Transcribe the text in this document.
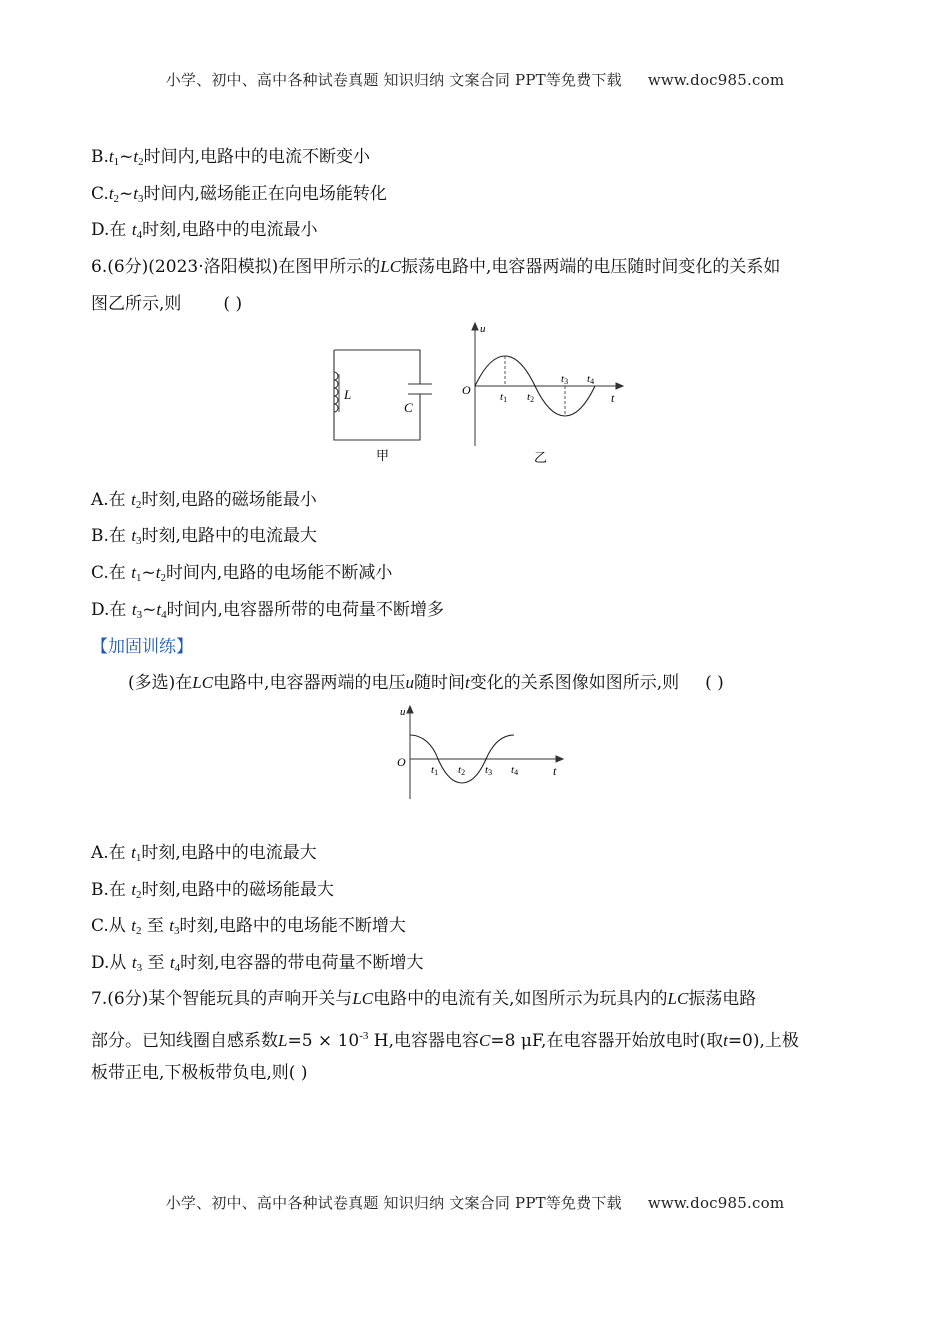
小学、初中、高中各种试卷真题 知识归纳 文案合同 PPT等免费下载 www.doc985.com
$B.t_1\sim t_2$时间内,电路中的电流不断变小
$C.t_2\sim t_3$时间内,磁场能正在向电场能转化
D.在 $t_4$时刻,电路中的电流最小
6.(6分)(2023·洛阳模拟)在图甲所示的LC振荡电路中,电容器两端的电压随时间变化的关系如
图乙所示,则 ( )
L
C
甲
u
O
t
t1 t2
t3 t4
乙
A.在 $t_2$时刻,电路的磁场能最小
B.在 $t_3$时刻,电路中的电流最大
C.在 $t_1\sim t_2$时间内,电路的电场能不断减小
D.在 $t_3\sim t_4$时间内,电容器所带的电荷量不断增多
【加固训练】
(多选)在LC电路中,电容器两端的电压u随时间t变化的关系图像如图所示,则 ( )
u
O
t
t1 t2 t3 t4
A.在 $t_1$时刻,电路中的电流最大
B.在 $t_2$时刻,电路中的磁场能最大
C.从 $t_2$ 至 $t_3$时刻,电路中的电场能不断增大
D.从 $t_3$ 至 $t_4$时刻,电容器的带电荷量不断增大
7.(6分)某个智能玩具的声响开关与LC电路中的电流有关,如图所示为玩具内的LC振荡电路
部分。已知线圈自感系数$L=5 \times 10^{-3}$ H,电容器电容C=8 μF,在电容器开始放电时(取t=0),上极
板带正电,下极板带负电,则( )
小学、初中、高中各种试卷真题 知识归纳 文案合同 PPT等免费下载 www.doc985.com
